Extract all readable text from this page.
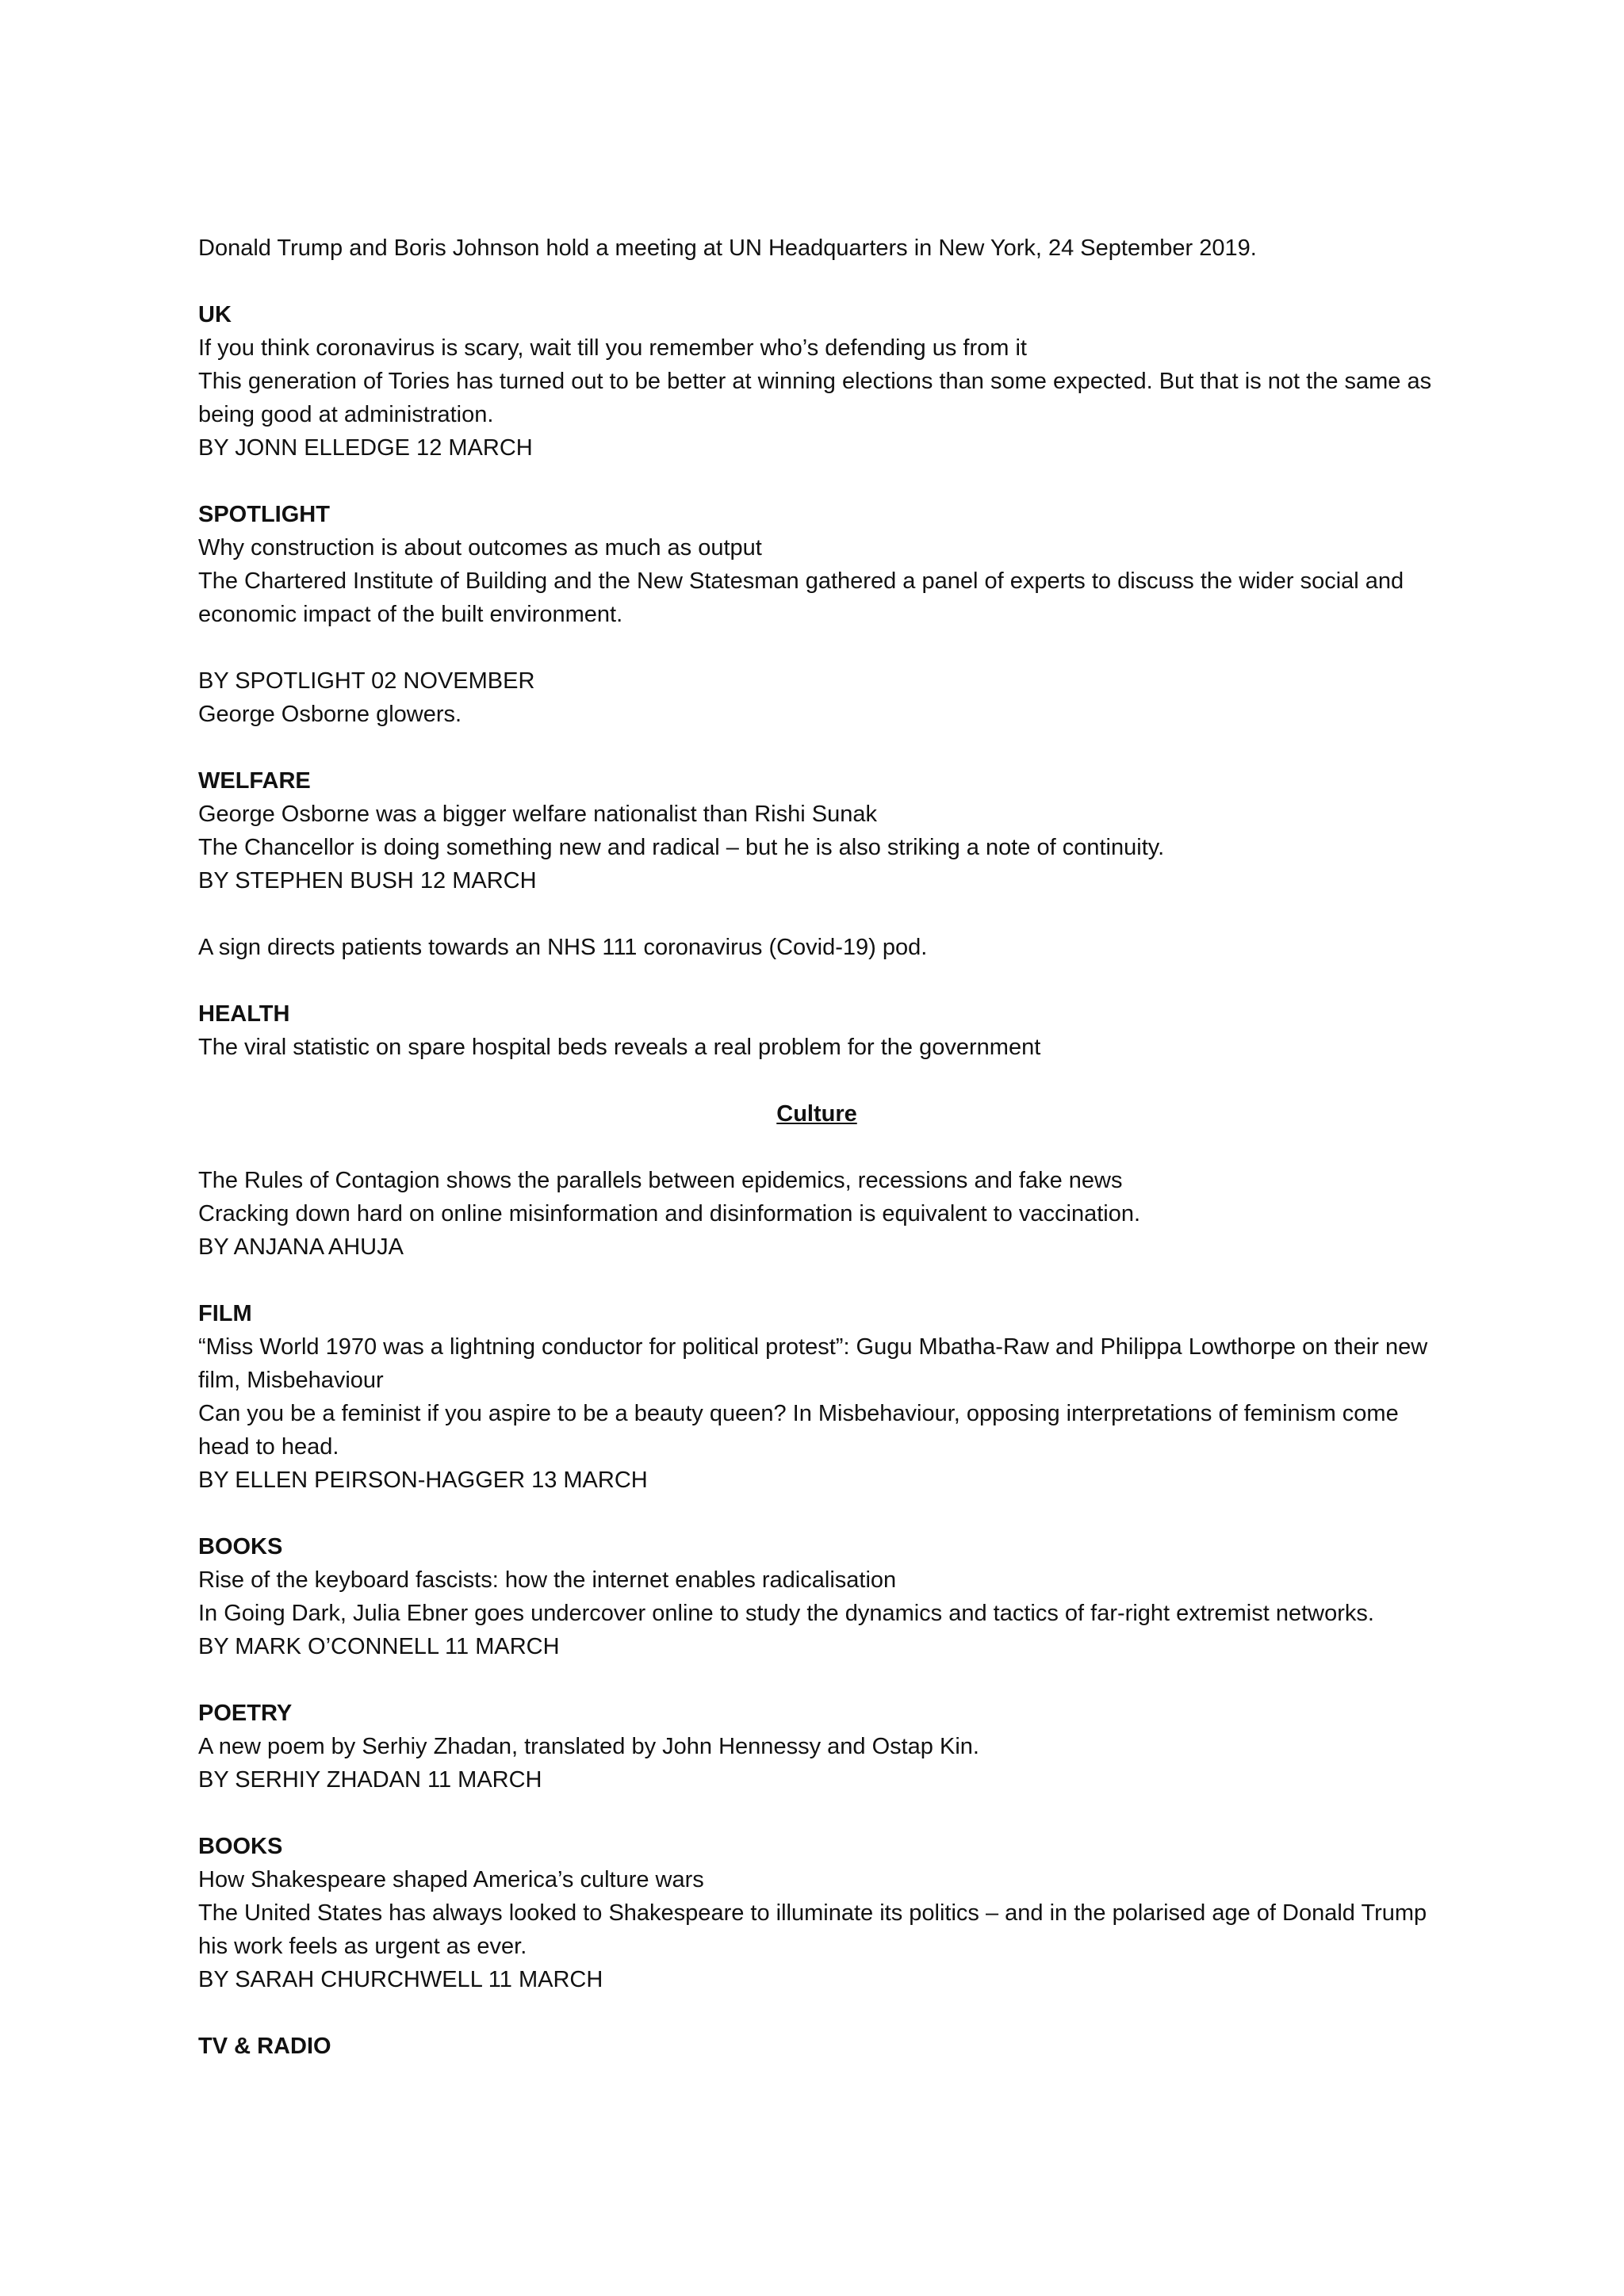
Donald Trump and Boris Johnson hold a meeting at UN Headquarters in New York, 24 September 2019.

UK

If you think coronavirus is scary, wait till you remember who’s defending us from it

This generation of Tories has turned out to be better at winning elections than some expected. But that is not the same as being good at administration.

BY JONN ELLEDGE 12 MARCH

SPOTLIGHT

Why construction is about outcomes as much as output

The Chartered Institute of Building and the New Statesman gathered a panel of experts to discuss the wider social and economic impact of the built environment.

BY SPOTLIGHT 02 NOVEMBER

George Osborne glowers.

WELFARE

George Osborne was a bigger welfare nationalist than Rishi Sunak

The Chancellor is doing something new and radical – but he is also striking a note of continuity.

BY STEPHEN BUSH 12 MARCH

A sign directs patients towards an NHS 111 coronavirus (Covid-19) pod.

HEALTH

The viral statistic on spare hospital beds reveals a real problem for the government

Culture

The Rules of Contagion shows the parallels between epidemics, recessions and fake news

Cracking down hard on online misinformation and disinformation is equivalent to vaccination.

BY ANJANA AHUJA

FILM

“Miss World 1970 was a lightning conductor for political protest”: Gugu Mbatha-Raw and Philippa Lowthorpe on their new film, Misbehaviour

Can you be a feminist if you aspire to be a beauty queen? In Misbehaviour, opposing interpretations of feminism come head to head.

BY ELLEN PEIRSON-HAGGER 13 MARCH

BOOKS

Rise of the keyboard fascists: how the internet enables radicalisation

In Going Dark, Julia Ebner goes undercover online to study the dynamics and tactics of far-right extremist networks.

BY MARK O’CONNELL 11 MARCH

POETRY

A new poem by Serhiy Zhadan, translated by John Hennessy and Ostap Kin.

BY SERHIY ZHADAN 11 MARCH

BOOKS

How Shakespeare shaped America’s culture wars

The United States has always looked to Shakespeare to illuminate its politics – and in the polarised age of Donald Trump his work feels as urgent as ever.

BY SARAH CHURCHWELL 11 MARCH

TV & RADIO
